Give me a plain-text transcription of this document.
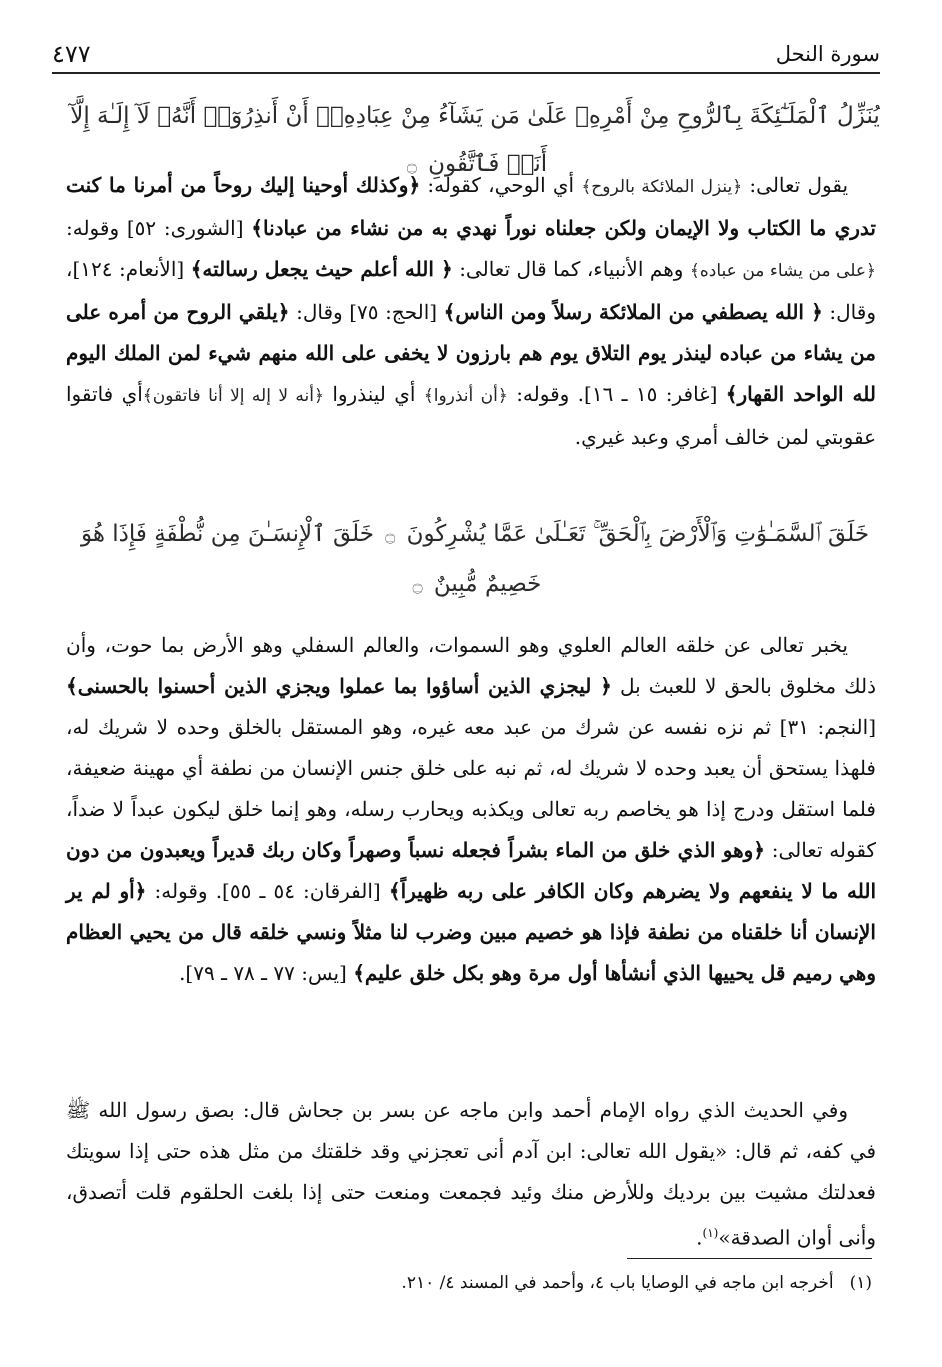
سورة النحل
٤٧٧
يُنَزِّلُ ٱلْمَلَـٰٓئِكَةَ بِٱلرُّوحِ مِنْ أَمْرِهِۦ عَلَىٰ مَن يَشَآءُ مِنْ عِبَادِهِۦٓ أَنْ أَنذِرُوٓا۟ أَنَّهُۥ لَآ إِلَـٰهَ إِلَّآ أَنَا۠ فَٱتَّقُونِ ۝

يقول تعالى: ﴿ينزل الملائكة بالروح﴾ أي الوحي، كقوله: ﴿وكذلك أوحينا إليك روحاً من أمرنا ما كنت تدري ما الكتاب ولا الإيمان ولكن جعلناه نوراً نهدي به من نشاء من عبادنا﴾ [الشورى: ٥٢] وقوله: ﴿على من يشاء من عباده﴾ وهم الأنبياء، كما قال تعالى: ﴿ الله أعلم حيث يجعل رسالته﴾ [الأنعام: ١٢٤]، وقال: ﴿ الله يصطفي من الملائكة رسلاً ومن الناس﴾ [الحج: ٧٥] وقال: ﴿يلقي الروح من أمره على من يشاء من عباده لينذر يوم التلاق يوم هم بارزون لا يخفى على الله منهم شيء لمن الملك اليوم لله الواحد القهار﴾ [غافر: ١٥ ـ ١٦]. وقوله: ﴿أن أنذروا﴾ أي لينذروا ﴿أنه لا إله إلا أنا فاتقون﴾أي فاتقوا عقوبتي لمن خالف أمري وعبد غيري.

خَلَقَ ٱلسَّمَـٰوَٰتِ وَٱلْأَرْضَ بِٱلْحَقِّ ۚ تَعَـٰلَىٰ عَمَّا يُشْرِكُونَ ۝ خَلَقَ ٱلْإِنسَـٰنَ مِن نُّطْفَةٍ فَإِذَا هُوَ خَصِيمٌ مُّبِينٌ ۝

يخبر تعالى عن خلقه العالم العلوي وهو السموات، والعالم السفلي وهو الأرض بما حوت، وأن ذلك مخلوق بالحق لا للعبث بل ﴿ ليجزي الذين أساؤوا بما عملوا ويجزي الذين أحسنوا بالحسنى﴾ [النجم: ٣١] ثم نزه نفسه عن شرك من عبد معه غيره، وهو المستقل بالخلق وحده لا شريك له، فلهذا يستحق أن يعبد وحده لا شريك له، ثم نبه على خلق جنس الإنسان من نطفة أي مهينة ضعيفة، فلما استقل ودرج إذا هو يخاصم ربه تعالى ويكذبه ويحارب رسله، وهو إنما خلق ليكون عبداً لا ضداً، كقوله تعالى: ﴿وهو الذي خلق من الماء بشراً فجعله نسباً وصهراً وكان ربك قديراً ويعبدون من دون الله ما لا ينفعهم ولا يضرهم وكان الكافر على ربه ظهيراً﴾ [الفرقان: ٥٤ ـ ٥٥]. وقوله: ﴿أو لم ير الإنسان أنا خلقناه من نطفة فإذا هو خصيم مبين وضرب لنا مثلاً ونسي خلقه قال من يحيي العظام وهي رميم قل يحييها الذي أنشأها أول مرة وهو بكل خلق عليم﴾ [يس: ٧٧ ـ ٧٨ ـ ٧٩].

وفي الحديث الذي رواه الإمام أحمد وابن ماجه عن بسر بن جحاش قال: بصق رسول الله ﷺ في كفه، ثم قال: «يقول الله تعالى: ابن آدم أنى تعجزني وقد خلقتك من مثل هذه حتى إذا سويتك فعدلتك مشيت بين برديك وللأرض منك وئيد فجمعت ومنعت حتى إذا بلغت الحلقوم قلت أتصدق، وأنى أوان الصدقة»$^{(١)}$.

(١)أخرجه ابن ماجه في الوصايا باب ٤، وأحمد في المسند ٤/ ٢١٠.
